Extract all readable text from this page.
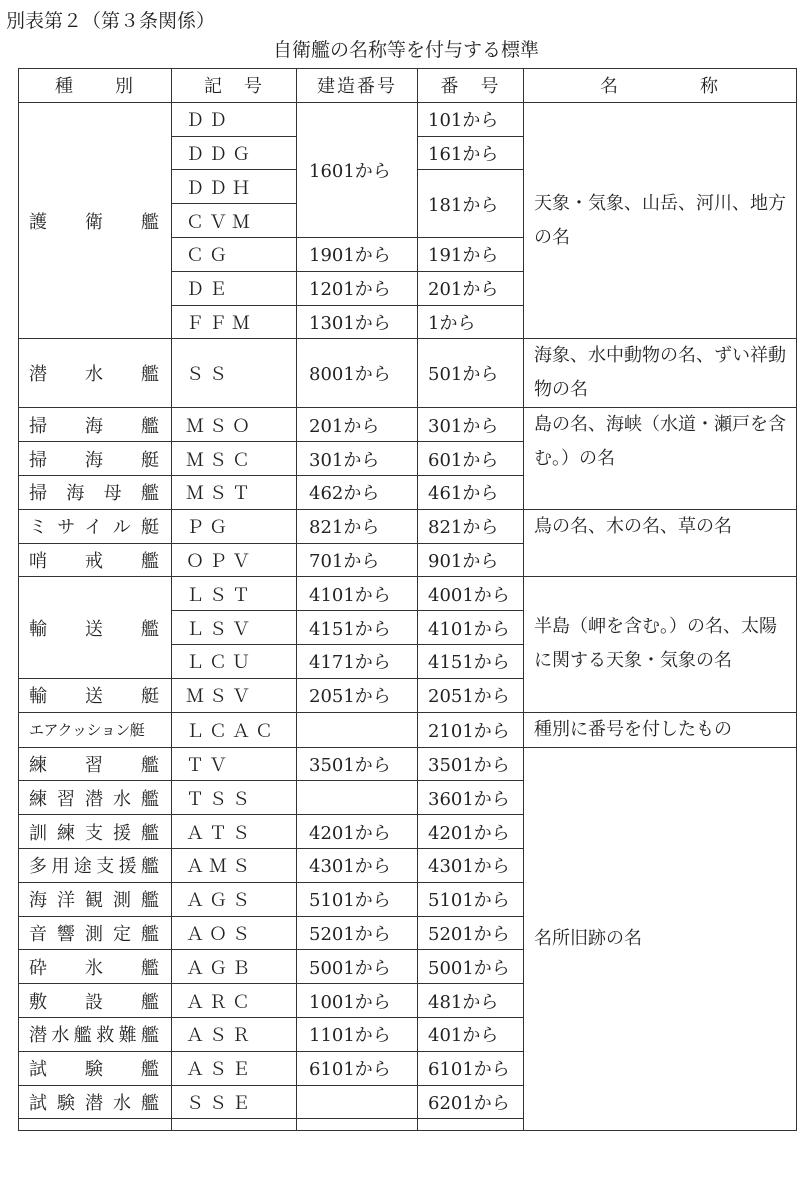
別表第２（第３条関係）
自衛艦の名称等を付与する標準
種　　別	記　号	建造番号	番　号	名　　　　称
護　衛　艦	ＤＤ	1601から	101から	天象・気象、山岳、河川、地方の名
	ＤＤＧ		161から	
	ＤＤＨ		181から	
	ＣＶＭ			
	ＣＧ	1901から	191から	
	ＤＥ	1201から	201から	
	ＦＦＭ	1301から	1から	
潜　水　艦	ＳＳ	8001から	501から	海象、水中動物の名、ずい祥動物の名

掃　海　艦	ＭＳＯ	201から	301から	島の名、海峡（水道・瀬戸を含む。）の名
掃　海　艇	ＭＳＣ	301から	601から	
掃海母艦	ＭＳＴ	462から	461から	
ミサイル艇	ＰＧ	821から	821から	鳥の名、木の名、草の名
哨　戒　艦	ＯＰＶ	701から	901から	
輸　送　艦	ＬＳＴ	4101から	4001から	半島（岬を含む。）の名、太陽に関する天象・気象の名
	ＬＳＶ	4151から	4101から	
	ＬＣＵ	4171から	4151から	
輸　送　艇	ＭＳＶ	2051から	2051から	
エアクッション艇	ＬＣＡＣ		2101から	種別に番号を付したもの
練　習　艦	ＴＶ	3501から	3501から	名所旧跡の名
練習潜水艦	ＴＳＳ		3601から	
訓練支援艦	ＡＴＳ	4201から	4201から	
多用途支援艦	ＡＭＳ	4301から	4301から	
海洋観測艦	ＡＧＳ	5101から	5101から	
音響測定艦	ＡＯＳ	5201から	5201から	
砕　氷　艦	ＡＧＢ	5001から	5001から	
敷　設　艦	ＡＲＣ	1001から	481から	
潜水艦救難艦	ＡＳＲ	1101から	401から	
試　験　艦	ＡＳＥ	6101から	6101から	
試験潜水艦	ＳＳＥ		6201から	
